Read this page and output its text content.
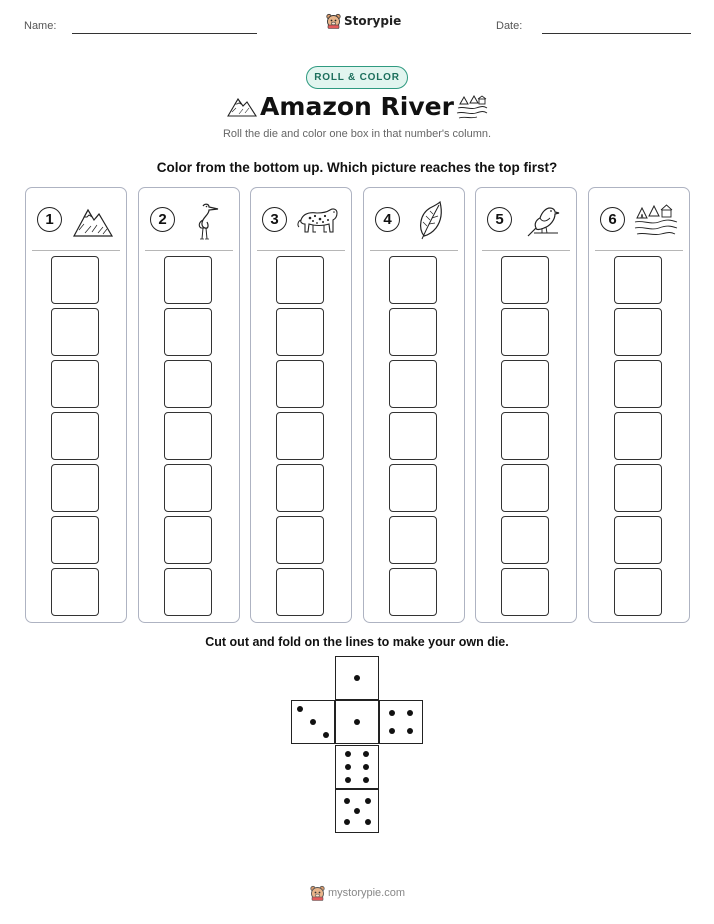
Name:	Storypie	Date:
ROLL & COLOR
Amazon River
Roll the die and color one box in that number's column.
Color from the bottom up. Which picture reaches the top first?
1	2	3	4	5	6
Cut out and fold on the lines to make your own die.
mystorypie.com
